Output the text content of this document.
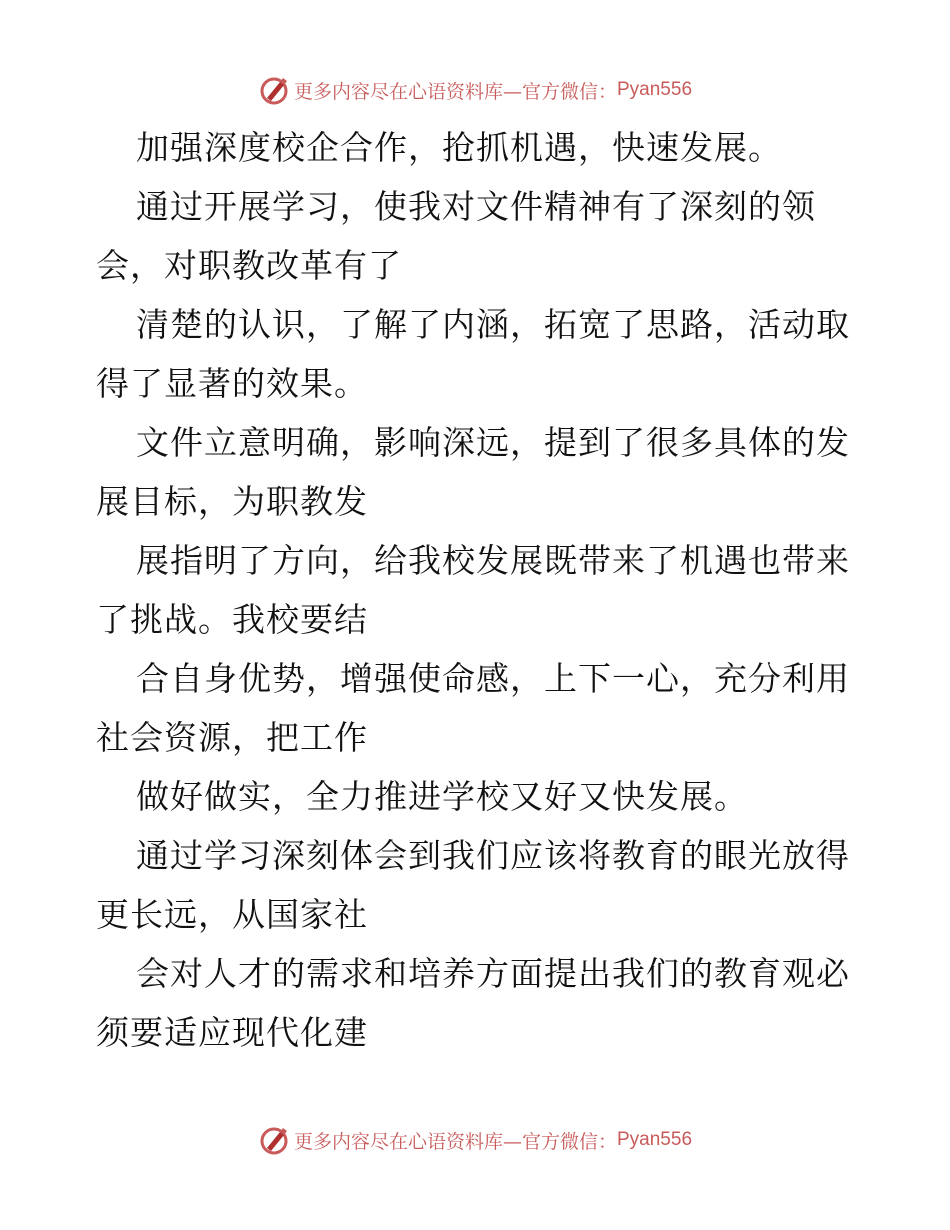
更多内容尽在心语资料库—官方微信： Pyan556
加强深度校企合作，抢抓机遇，快速发展。
通过开展学习，使我对文件精神有了深刻的领
会，对职教改革有了
清楚的认识，了解了内涵，拓宽了思路，活动取
得了显著的效果。
文件立意明确，影响深远，提到了很多具体的发
展目标，为职教发
展指明了方向，给我校发展既带来了机遇也带来
了挑战。我校要结
合自身优势，增强使命感，上下一心，充分利用
社会资源，把工作
做好做实，全力推进学校又好又快发展。
通过学习深刻体会到我们应该将教育的眼光放得
更长远，从国家社
会对人才的需求和培养方面提出我们的教育观必
须要适应现代化建
更多内容尽在心语资料库—官方微信： Pyan556
